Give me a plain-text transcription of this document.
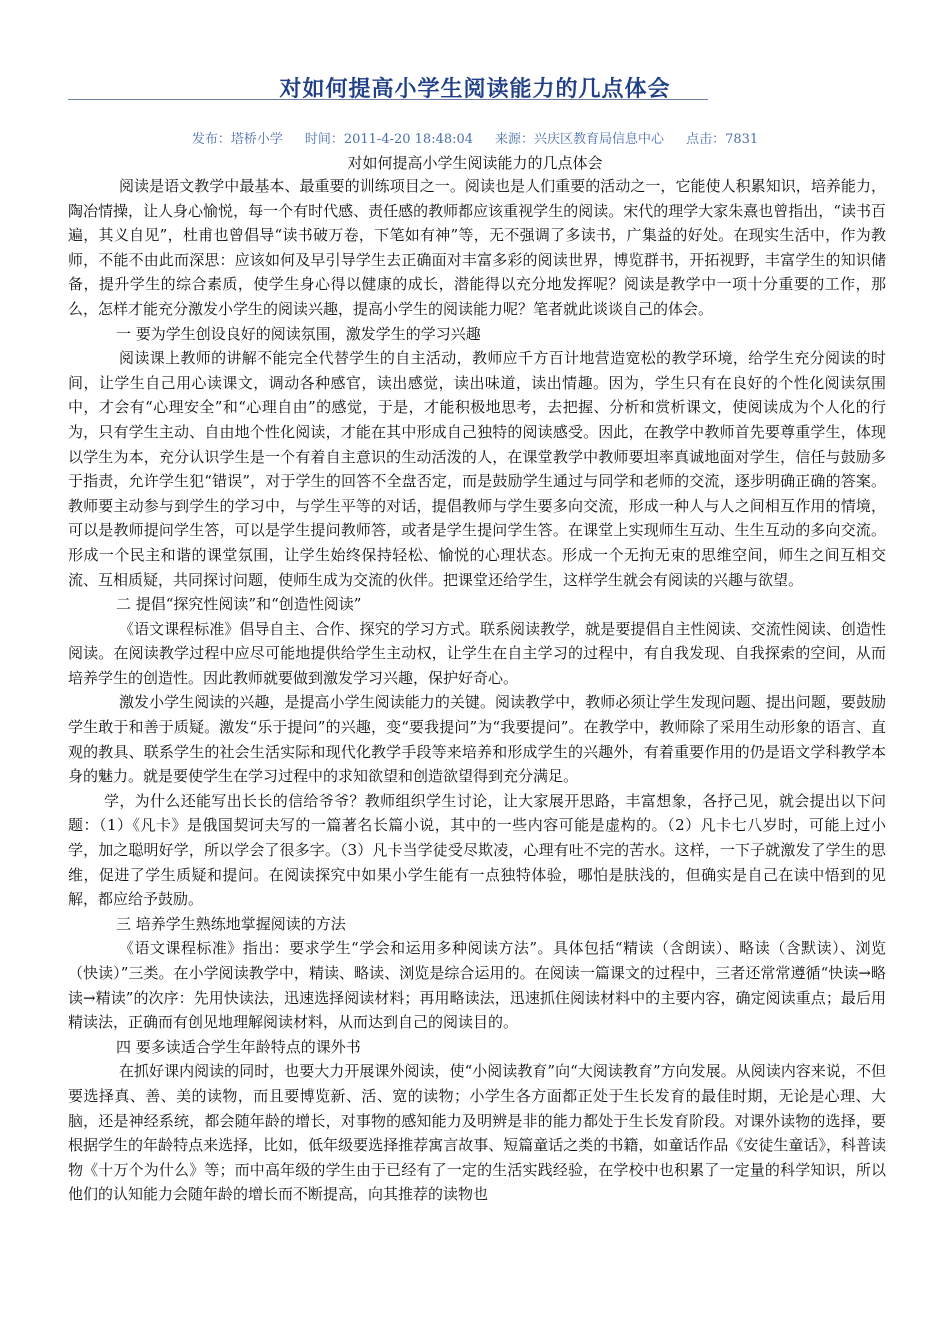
对如何提高小学生阅读能力的几点体会
发布：塔桥小学 时间：2011-4-20 18:48:04 来源：兴庆区教育局信息中心 点击：7831
对如何提高小学生阅读能力的几点体会

阅读是语文教学中最基本、最重要的训练项目之一。阅读也是人们重要的活动之一，它能使人积累知识，培养能力，陶冶情操，让人身心愉悦，每一个有时代感、责任感的教师都应该重视学生的阅读。宋代的理学大家朱熹也曾指出，“读书百遍，其义自见”，杜甫也曾倡导“读书破万卷，下笔如有神”等，无不强调了多读书，广集益的好处。在现实生活中，作为教师，不能不由此而深思：应该如何及早引导学生去正确面对丰富多彩的阅读世界，博览群书，开拓视野，丰富学生的知识储备，提升学生的综合素质，使学生身心得以健康的成长，潜能得以充分地发挥呢？阅读是教学中一项十分重要的工作，那么，怎样才能充分激发小学生的阅读兴趣，提高小学生的阅读能力呢？笔者就此谈谈自己的体会。

一 要为学生创设良好的阅读氛围，激发学生的学习兴趣

阅读课上教师的讲解不能完全代替学生的自主活动，教师应千方百计地营造宽松的教学环境，给学生充分阅读的时间，让学生自己用心读课文，调动各种感官，读出感觉，读出味道，读出情趣。因为，学生只有在良好的个性化阅读氛围中，才会有“心理安全”和“心理自由”的感觉，于是，才能积极地思考，去把握、分析和赏析课文，使阅读成为个人化的行为，只有学生主动、自由地个性化阅读，才能在其中形成自己独特的阅读感受。因此，在教学中教师首先要尊重学生，体现以学生为本，充分认识学生是一个有着自主意识的生动活泼的人，在课堂教学中教师要坦率真诚地面对学生，信任与鼓励多于指责，允许学生犯“错误”，对于学生的回答不全盘否定，而是鼓励学生通过与同学和老师的交流，逐步明确正确的答案。教师要主动参与到学生的学习中，与学生平等的对话，提倡教师与学生要多向交流，形成一种人与人之间相互作用的情境，可以是教师提问学生答，可以是学生提问教师答，或者是学生提问学生答。在课堂上实现师生互动、生生互动的多向交流。形成一个民主和谐的课堂氛围，让学生始终保持轻松、愉悦的心理状态。形成一个无拘无束的思维空间，师生之间互相交流、互相质疑，共同探讨问题，使师生成为交流的伙伴。把课堂还给学生，这样学生就会有阅读的兴趣与欲望。

二 提倡“探究性阅读”和“创造性阅读”

《语文课程标准》倡导自主、合作、探究的学习方式。联系阅读教学，就是要提倡自主性阅读、交流性阅读、创造性阅读。在阅读教学过程中应尽可能地提供给学生主动权，让学生在自主学习的过程中，有自我发现、自我探索的空间，从而培养学生的创造性。因此教师就要做到激发学习兴趣，保护好奇心。

激发小学生阅读的兴趣，是提高小学生阅读能力的关键。阅读教学中，教师必须让学生发现问题、提出问题，要鼓励学生敢于和善于质疑。激发“乐于提问”的兴趣，变“要我提问”为“我要提问”。在教学中，教师除了采用生动形象的语言、直观的教具、联系学生的社会生活实际和现代化教学手段等来培养和形成学生的兴趣外，有着重要作用的仍是语文学科教学本身的魅力。就是要使学生在学习过程中的求知欲望和创造欲望得到充分满足。

学，为什么还能写出长长的信给爷爷？教师组织学生讨论，让大家展开思路，丰富想象，各抒己见，就会提出以下问题：（1）《凡卡》是俄国契诃夫写的一篇著名长篇小说，其中的一些内容可能是虚构的。（2）凡卡七八岁时，可能上过小学，加之聪明好学，所以学会了很多字。（3）凡卡当学徒受尽欺凌，心理有吐不完的苦水。这样，一下子就激发了学生的思维，促进了学生质疑和提问。在阅读探究中如果小学生能有一点独特体验，哪怕是肤浅的，但确实是自己在读中悟到的见解，都应给予鼓励。

三 培养学生熟练地掌握阅读的方法

《语文课程标准》指出：要求学生“学会和运用多种阅读方法”。具体包括“精读（含朗读）、略读（含默读）、浏览（快读）”三类。在小学阅读教学中，精读、略读、浏览是综合运用的。在阅读一篇课文的过程中，三者还常常遵循“快读→略读→精读”的次序：先用快读法，迅速选择阅读材料；再用略读法，迅速抓住阅读材料中的主要内容，确定阅读重点；最后用精读法，正确而有创见地理解阅读材料，从而达到自己的阅读目的。

四 要多读适合学生年龄特点的课外书

在抓好课内阅读的同时，也要大力开展课外阅读，使“小阅读教育”向“大阅读教育”方向发展。从阅读内容来说，不但要选择真、善、美的读物，而且要博览新、活、宽的读物；小学生各方面都正处于生长发育的最佳时期，无论是心理、大脑，还是神经系统，都会随年龄的增长，对事物的感知能力及明辨是非的能力都处于生长发育阶段。对课外读物的选择，要根据学生的年龄特点来选择，比如，低年级要选择推荐寓言故事、短篇童话之类的书籍，如童话作品《安徒生童话》，科普读物《十万个为什么》等；而中高年级的学生由于已经有了一定的生活实践经验，在学校中也积累了一定量的科学知识，所以他们的认知能力会随年龄的增长而不断提高，向其推荐的读物也
